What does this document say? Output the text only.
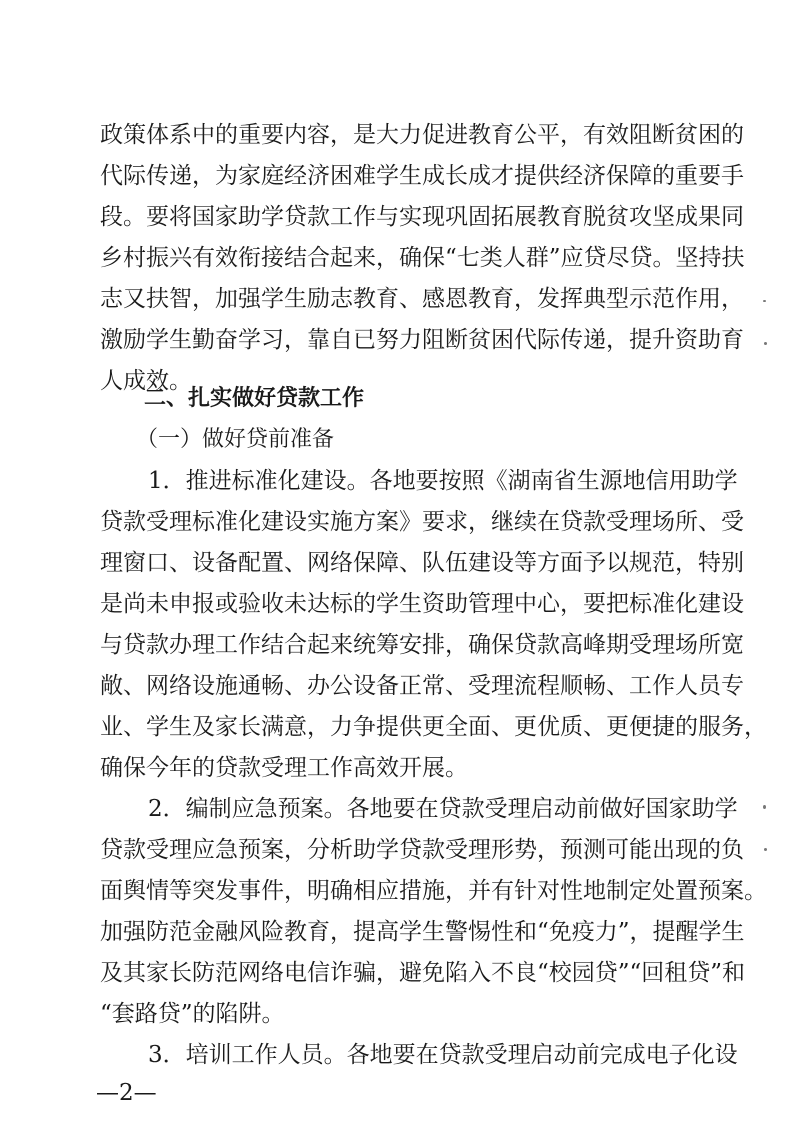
政策体系中的重要内容，是大力促进教育公平，有效阻断贫困的
代际传递，为家庭经济困难学生成长成才提供经济保障的重要手
段。要将国家助学贷款工作与实现巩固拓展教育脱贫攻坚成果同
乡村振兴有效衔接结合起来，确保“七类人群”应贷尽贷。坚持扶
志又扶智，加强学生励志教育、感恩教育，发挥典型示范作用，
激励学生勤奋学习，靠自已努力阻断贫困代际传递，提升资助育
人成效。
二、扎实做好贷款工作
（一）做好贷前准备
1．推进标准化建设。各地要按照《湖南省生源地信用助学
贷款受理标准化建设实施方案》要求，继续在贷款受理场所、受
理窗口、设备配置、网络保障、队伍建设等方面予以规范，特别
是尚未申报或验收未达标的学生资助管理中心，要把标准化建设
与贷款办理工作结合起来统筹安排，确保贷款高峰期受理场所宽
敞、网络设施通畅、办公设备正常、受理流程顺畅、工作人员专
业、学生及家长满意，力争提供更全面、更优质、更便捷的服务，
确保今年的贷款受理工作高效开展。
2．编制应急预案。各地要在贷款受理启动前做好国家助学
贷款受理应急预案，分析助学贷款受理形势，预测可能出现的负
面舆情等突发事件，明确相应措施，并有针对性地制定处置预案。
加强防范金融风险教育，提高学生警惕性和“免疫力”，提醒学生
及其家长防范网络电信诈骗，避免陷入不良“校园贷”“回租贷”和
“套路贷”的陷阱。
3．培训工作人员。各地要在贷款受理启动前完成电子化设
—2—
